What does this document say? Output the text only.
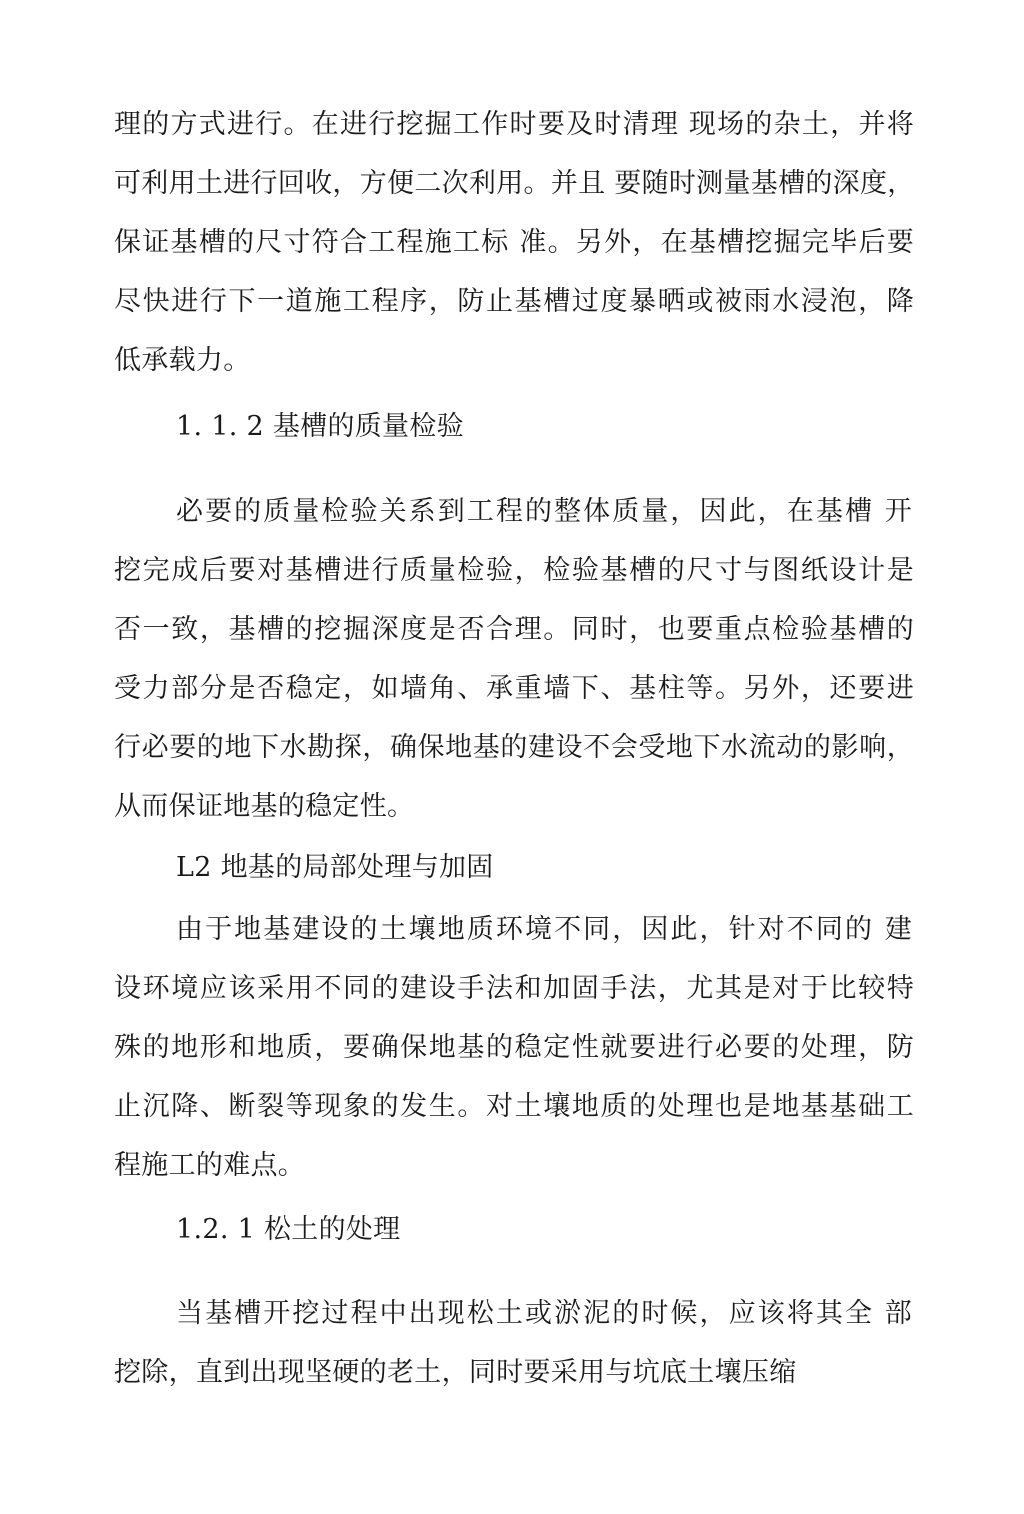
理的方式进行。在进行挖掘工作时要及时清理 现场的杂土，并将
可利用土进行回收，方便二次利用。并且 要随时测量基槽的深度，
保证基槽的尺寸符合工程施工标 准。另外，在基槽挖掘完毕后要
尽快进行下一道施工程序，防止基槽过度暴晒或被雨水浸泡，降
低承载力。
1. 1. 2 基槽的质量检验
必要的质量检验关系到工程的整体质量，因此，在基槽 开
挖完成后要对基槽进行质量检验，检验基槽的尺寸与图纸设计是
否一致，基槽的挖掘深度是否合理。同时，也要重点检验基槽的
受力部分是否稳定，如墙角、承重墙下、基柱等。另外，还要进
行必要的地下水勘探，确保地基的建设不会受地下水流动的影响，
从而保证地基的稳定性。
L2 地基的局部处理与加固
由于地基建设的土壤地质环境不同，因此，针对不同的 建
设环境应该采用不同的建设手法和加固手法，尤其是对于比较特
殊的地形和地质，要确保地基的稳定性就要进行必要的处理，防
止沉降、断裂等现象的发生。对土壤地质的处理也是地基基础工
程施工的难点。
1.2. 1 松土的处理
当基槽开挖过程中出现松土或淤泥的时候，应该将其全 部
挖除，直到出现坚硬的老土，同时要采用与坑底土壤压缩
